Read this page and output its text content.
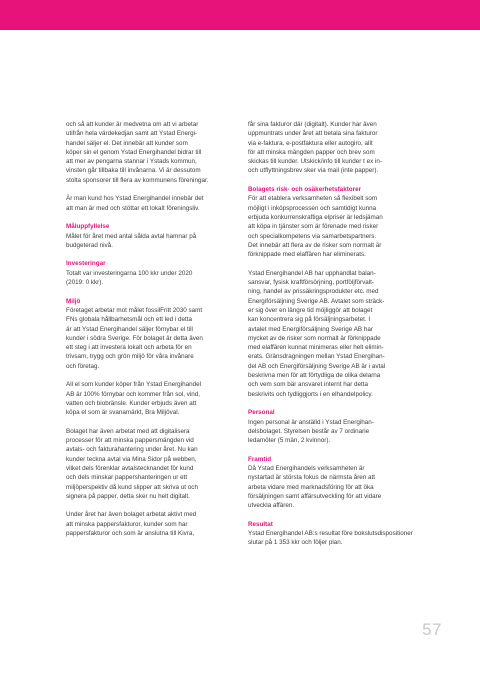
och så att kunder är medvetna om att vi arbetar
utifrån hela värdekedjan samt att Ystad Energi-
handel säljer el. Det innebär att kunder som
köper sin el genom Ystad Energihandel bidrar till
att mer av pengarna stannar i Ystads kommun,
vinsten går tillbaka till invånarna. Vi är dessutom
stolta sponsorer till flera av kommunens föreningar.

Är man kund hos Ystad Energihandel innebär det
att man är med och stöttar ett lokalt föreningsliv.

Måluppfyllelse

Målet för året med antal sålda avtal hamnar på
budgeterad nivå.

Investeringar

Totalt var investeringarna 100 kkr under 2020
(2019: 0 kkr).

Miljö

Företaget arbetar mot målet fossilFritt 2030 samt
FNs globala hållbarhetsmål och ett led i detta
är att Ystad Energihandel säljer förnybar el till
kunder i södra Sverige. För bolaget är detta även
ett steg i att investera lokalt och arbeta för en
trivsam, trygg och grön miljö för våra invånare
och företag.

All el som kunder köper från Ystad Energihandel
AB är 100% förnybar och kommer från sol, vind,
vatten och biobränsle. Kunder erbjuds även att
köpa el som är svanamärkt, Bra Miljöval.

Bolaget har även arbetat med att digitalisera
processer för att minska pappersmängden vid
avtals- och fakturahantering under året. Nu kan
kunder teckna avtal via Mina Sidor på webben,
vilket dels förenklar avtalstecknandet för kund
och dels minskar pappershanteringen ur ett
miljöperspektiv då kund slipper att skriva ut och
signera på papper, detta sker nu helt digitalt.

Under året har även bolaget arbetat aktivt med
att minska pappersfakturor, kunder som har
pappersfakturor och som är anslutna till Kivra,

får sina fakturor där (digitalt). Kunder har även
uppmuntrats under året att betala sina fakturor
via e-faktura, e-postfaktura eller autogiro, allt
för att minska mängden papper och brev som
skickas till kunder. Utskick/info till kunder t ex in-
och utflyttningsbrev sker via mail (inte papper).

Bolagets risk- och osäkerhetsfaktorer

För att etablera verksamheten så flexibelt som
möjligt i inköpsprocessen och samtidigt kunna
erbjuda konkurrenskraftiga elpriser är ledsjäman
att köpa in tjänster som är förenade med risker
och specialkompetens via samarbetspartners.
Det innebär att flera av de risker som normalt är
förknippade med elaffären har eliminerats.

Ystad Energihandel AB har upphandlat balan-
sansvar, fysisk kraftförsörjning, portföljförvalt-
ning, handel av prissäkringsprodukter etc. med
Energiförsäljning Sverige AB. Avtalet som sträck-
er sig över en längre tid möjliggör att bolaget
kan koncentrera sig på försäljningsarbetet. I
avtalet med Energiförsäljning Sverige AB har
mycket av de risker som normalt är förknippade
med elaffären kunnat minimeras eller helt elimin-
erats. Gränsdragningen mellan Ystad Energihan-
del AB och Energiförsäljning Sverige AB är i avtal
beskrivna men för att förtydliga de olika delarna
och vem som bär ansvaret internt har detta
beskrivits och tydliggjorts i en elhandelpolicy.

Personal

Ingen personal är anställd i Ystad Energihan-
delsbolaget. Styrelsen består av 7 ordinarie
ledamöter (5 män, 2 kvinnor).

Framtid

Då Ystad Energihandels verksamheten är
nystartad är största fokus de närmsta åren att
arbeta vidare med marknadsföring för att öka
försäljningen samt affärsutveckling för att vidare
utveckla affären.

Resultat

Ystad Energihandel AB:s resultat före bokslutsdispositioner slutar på 1 353 kkr och följer plan.

57
